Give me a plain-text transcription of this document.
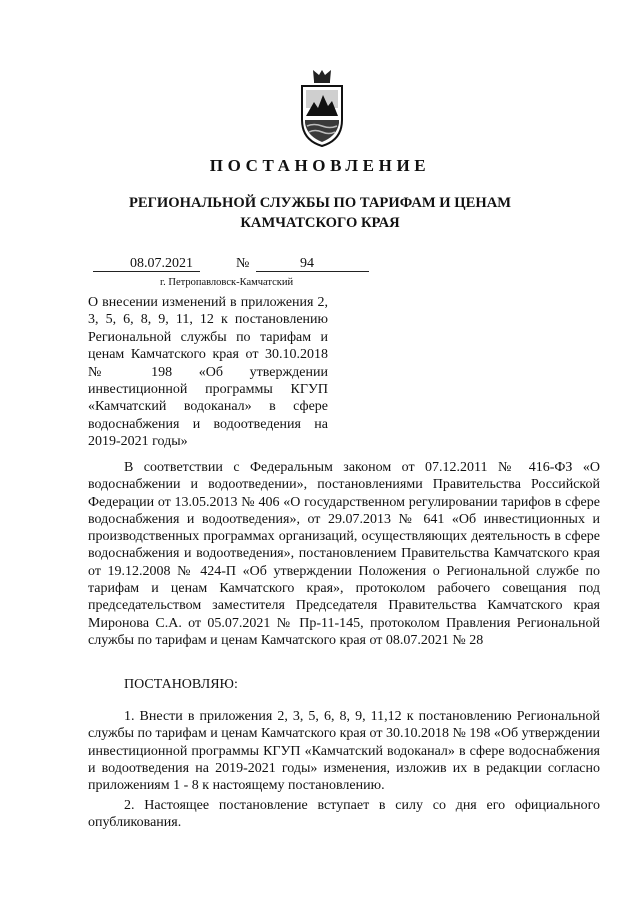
ПОСТАНОВЛЕНИЕ
РЕГИОНАЛЬНОЙ СЛУЖБЫ ПО ТАРИФАМ И ЦЕНАМ
КАМЧАТСКОГО КРАЯ
08.07.2021	№	94
г. Петропавловск-Камчатский
О внесении изменений в приложения 2, 3, 5, 6, 8, 9, 11, 12 к постановлению Региональной службы по тарифам и ценам Камчатского края от 30.10.2018 № 198 «Об утверждении инвестиционной программы КГУП «Камчатский водоканал» в сфере водоснабжения и водоотведения на 2019-2021 годы»
В соответствии с Федеральным законом от 07.12.2011 № 416-ФЗ «О водоснабжении и водоотведении», постановлениями Правительства Российской Федерации от 13.05.2013 № 406 «О государственном регулировании тарифов в сфере водоснабжения и водоотведения», от 29.07.2013 № 641 «Об инвестиционных и производственных программах организаций, осуществляющих деятельность в сфере водоснабжения и водоотведения», постановлением Правительства Камчатского края от 19.12.2008 № 424-П «Об утверждении Положения о Региональной службе по тарифам и ценам Камчатского края», протоколом рабочего совещания под председательством заместителя Председателя Правительства Камчатского края Миронова С.А. от 05.07.2021 № Пр-11-145, протоколом Правления Региональной службы по тарифам и ценам Камчатского края от 08.07.2021 № 28
ПОСТАНОВЛЯЮ:
1. Внести в приложения 2, 3, 5, 6, 8, 9, 11,12 к постановлению Региональной службы по тарифам и ценам Камчатского края от 30.10.2018 № 198 «Об утверждении инвестиционной программы КГУП «Камчатский водоканал» в сфере водоснабжения и водоотведения на 2019-2021 годы» изменения, изложив их в редакции согласно приложениям 1 - 8 к настоящему постановлению.
2. Настоящее постановление вступает в силу со дня его официального опубликования.
